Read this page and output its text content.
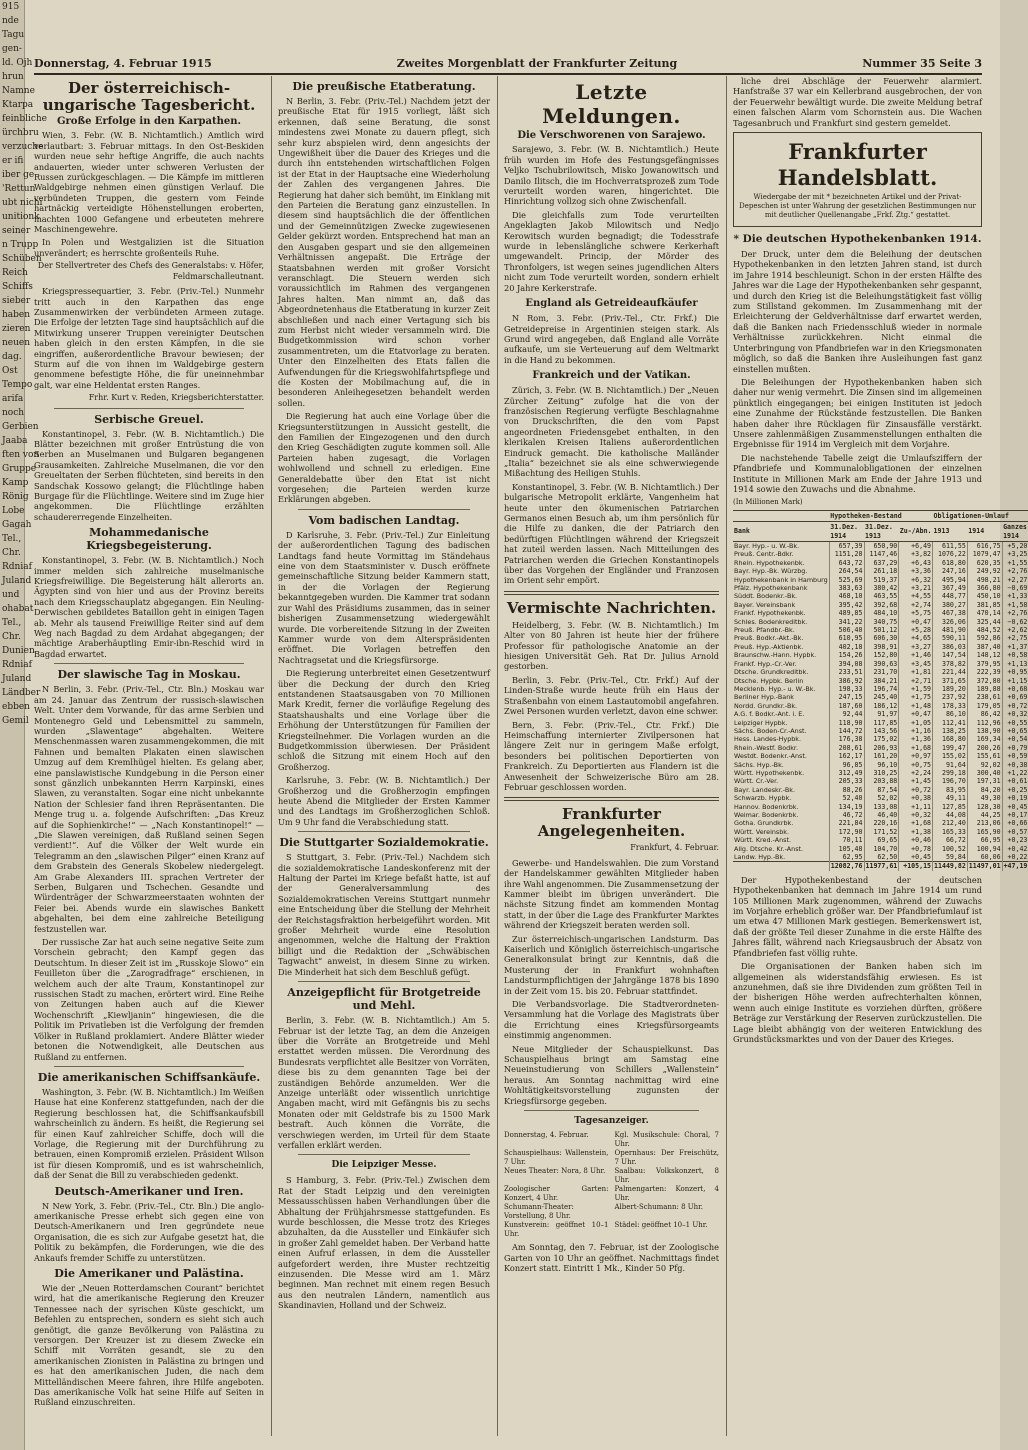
915
nde
Tagu
gen-
ld. Ojh
hrun
Namne
Ktarpa
feinbliche
ürchbru
verzuche
er ifi
iber ge
'Rettun
ubt nichi
unitionk
seiner
n Trupp
Schüben
Reich
Schiffs
sieber
haben
zieren
neuen
dag.
Ost
Tempo
arifa
noch
Gerbien
Jaaba
ften von
Gruppe
Kamp
Rönig
Lobe
Gagah
Tel.,
Chr.
Rdniaf
Juland
und
ohabat
Tel.,
Chr.
Dunien
Rdniaf
Juland
Ländber
ebben
Gemil
Donnerstag, 4. Februar 1915	Zweites Morgenblatt der Frankfurter Zeitung	Nummer 35 Seite 3
Der österreichisch-ungarische Tagesbericht.
Große Erfolge in den Karpathen.

Wien, 3. Febr. (W. B. Nichtamtlich.) Amtlich wird verlautbart: 3. Februar mittags. In den Ost-Beskiden wurden neue sehr heftige Angriffe, die auch nachts andauerten, wieder unter schweren Verlusten der Russen zurückgeschlagen. — Die Kämpfe im mittleren Waldgebirge nehmen einen günstigen Verlauf. Die verbündeten Truppen, die gestern vom Feinde hartnäckig verteidigte Höhenstellungen eroberten, machten 1000 Gefangene und erbeuteten mehrere Maschinengewehre.

In Polen und Westgalizien ist die Situation unverändert; es herrschte großenteils Ruhe.

Der Stellvertreter des Chefs des Generalstabs: v. Höfer, Feldmarschalleutnant.

Kriegspressequartier, 3. Febr. (Priv.-Tel.) Nunmehr tritt auch in den Karpathen das enge Zusammenwirken der verbündeten Armeen zutage. Die Erfolge der letzten Tage sind hauptsächlich auf die Mitwirkung unserer Truppen vereinigter Deutschen haben gleich in den ersten Kämpfen, in die sie eingriffen, außerordentliche Bravour bewiesen; der Sturm auf die von ihnen im Waldgebirge gestern genommene befestigte Höhe, die für uneinnehmbar galt, war eine Heldentat ersten Ranges.

Frhr. Kurt v. Reden, Kriegsberichterstatter.

Serbische Greuel.

Konstantinopel, 3. Febr. (W. B. Nichtamtlich.) Die Blätter bezeichnen mit großer Entrüstung die von Serben an Muselmanen und Bulgaren begangenen Grausamkeiten. Zahlreiche Muselmanen, die vor den Greueltaten der Serben flüchteten, sind bereits in den Sandschak Kossowo gelangt; die Flüchtlinge haben Burgage für die Flüchtlinge. Weitere sind im Zuge hier angekommen. Die Flüchtlinge erzählten schaudererregende Einzelheiten.

Mohammedanische Kriegsbegeisterung.

Konstantinopel, 3. Febr. (W. B. Nichtamtlich.) Noch immer melden sich zahlreiche muselmanische Kriegsfreiwillige. Die Begeisterung hält allerorts an. Ägypten sind von hier und aus der Provinz bereits nach dem Kriegsschauplatz abgegangen. Ein Neuling-Derwischen gebildetes Bataillon geht in einigen Tagen ab. Mehr als tausend Freiwillige Reiter sind auf dem Weg nach Bagdad zu dem Ardahat abgegangen; der mächtige Araberhäuptling Emir-ibn-Reschid wird in Bagdad erwartet.

Der slawische Tag in Moskau.

N Berlin, 3. Febr. (Priv.-Tel., Ctr. Bln.) Moskau war am 24. Januar das Zentrum der russisch-slawischen Welt. Unter dem Vorwande, für das arme Serbien und Montenegro Geld und Lebensmittel zu sammeln, wurden „Slawentage“ abgehalten. Weitere Menschenmassen waren zusammengekommen, die mit Fahnen und bemalten Plakaten einen slawischen Umzug auf dem Kremlhügel hielten. Es gelang aber, eine panslawistische Kundgebung in die Person einer sonst gänzlich unbekannten Herrn Karpinski, eines Slawen, zu veranstalten. Sogar eine nicht unbekannte Nation der Schlesier fand ihren Repräsentanten. Die Menge trug u. a. folgende Aufschriften: „Das Kreuz auf die Sophienkirche!“ — „Nach Konstantinopel!“ — „Die Slawen vereinigen, daß Rußland seinen Segen verdient!“. Auf die Völker der Welt wurde ein Telegramm an den „slawischen Pilger“ einen Kranz auf dem Grabstein des Generals Skobelew niedergelegt. Am Grabe Alexanders III. sprachen Vertreter der Serben, Bulgaren und Tschechen. Gesandte und Würdenträger der Schwarzmeerstaaten wohnten der Feier bei. Abends wurde ein slawisches Bankett abgehalten, bei dem eine zahlreiche Beteiligung festzustellen war.

Der russische Zar hat auch seine negative Seite zum Vorschein gebracht; den Kampf gegen das Deutschtum. In dieser Zeit ist im „Russkoje Slowo“ ein Feuilleton über die „Zarogradfrage“ erschienen, in welchem auch der alte Traum, Konstantinopel zur russischen Stadt zu machen, erörtert wird. Eine Reihe von Zeitungen haben auch auf die Kiewer Wochenschrift „Kiewljanin“ hingewiesen, die die Politik im Privatleben ist die Verfolgung der fremden Völker in Rußland proklamiert. Andere Blätter wieder betonen die Notwendigkeit, alle Deutschen aus Rußland zu entfernen.

Die amerikanischen Schiffsankäufe.

Washington, 3. Febr. (W. B. Nichtamtlich.) Im Weißen Hause hat eine Konferenz stattgefunden, nach der die Regierung beschlossen hat, die Schiffsankaufsbill wahrscheinlich zu ändern. Es heißt, die Regierung sei für einen Kauf zahlreicher Schiffe, doch will die Vorlage, die Regierung mit der Durchführung zu betrauen, einen Kompromiß erzielen. Präsident Wilson ist für diesen Kompromiß, und es ist wahrscheinlich, daß der Senat die Bill zu verabschieden gedenkt.

Deutsch-Amerikaner und Iren.

N New York, 3. Febr. (Priv.-Tel., Ctr. Bln.) Die anglo-amerikanische Presse erhebt sich gegen eine von Deutsch-Amerikanern und Iren gegründete neue Organisation, die es sich zur Aufgabe gesetzt hat, die Politik zu bekämpfen, die Forderungen, wie die des Ankaufs fremder Schiffe zu unterstützen.

Die Amerikaner und Palästina.

Wie der „Neuen Rotterdamschen Courant“ berichtet wird, hat die amerikanische Regierung den Kreuzer Tennessee nach der syrischen Küste geschickt, um Befehlen zu entsprechen, sondern es sieht sich auch genötigt, die ganze Bevölkerung von Palästina zu versorgen. Der Kreuzer ist zu diesem Zwecke ein Schiff mit Vorräten gesandt, sie zu den amerikanischen Zionisten in Palästina zu bringen und es hat den amerikanischen Juden, die nach dem Mittelländischen Meere fahren, ihre Hilfe angeboten. Das amerikanische Volk hat seine Hilfe auf Seiten in Rußland einzuschreiten.

Die preußische Etatberatung.

N Berlin, 3. Febr. (Priv.-Tel.) Nachdem jetzt der preußische Etat für 1915 vorliegt, läßt sich erkennen, daß seine Beratung, die sonst mindestens zwei Monate zu dauern pflegt, sich sehr kurz abspielen wird, denn angesichts der Ungewißheit über die Dauer des Krieges und die durch ihn entstehenden wirtschaftlichen Folgen ist der Etat in der Hauptsache eine Wiederholung der Zahlen des vergangenen Jahres. Die Regierung hat daher sich bemüht, im Einklang mit den Parteien die Beratung ganz einzustellen. In diesem sind hauptsächlich die der öffentlichen und der Gemeinnützigen Zwecke zugewiesenen Gelder gekürzt worden. Entsprechend hat man an den Ausgaben gespart und sie den allgemeinen Verhältnissen angepaßt. Die Erträge der Staatsbahnen werden mit großer Vorsicht veranschlagt. Die Steuern werden sich voraussichtlich im Rahmen des vergangenen Jahres halten. Man nimmt an, daß das Abgeordnetenhaus die Etatberatung in kurzer Zeit abschließen und nach einer Vertagung sich bis zum Herbst nicht wieder versammeln wird. Die Budgetkommission wird schon vorher zusammentreten, um die Etatvorlage zu beraten. Unter den Einzelheiten des Etats fallen die Aufwendungen für die Kriegswohlfahrtspflege und die Kosten der Mobilmachung auf, die in besonderen Anleihegesetzen behandelt werden sollen.

Die Regierung hat auch eine Vorlage über die Kriegsunterstützungen in Aussicht gestellt, die den Familien der Eingezogenen und den durch den Krieg Geschädigten zugute kommen soll. Alle Parteien haben zugesagt, die Vorlagen wohlwollend und schnell zu erledigen. Eine Generaldebatte über den Etat ist nicht vorgesehen; die Parteien werden kurze Erklärungen abgeben.

Vom badischen Landtag.

D Karlsruhe, 3. Febr. (Priv.-Tel.) Zur Einleitung der außerordentlichen Tagung des badischen Landtags fand heute Vormittag im Ständehaus eine von dem Staatsminister v. Dusch eröffnete gemeinschaftliche Sitzung beider Kammern statt, in der die Vorlagen der Regierung bekanntgegeben wurden. Die Kammer trat sodann zur Wahl des Präsidiums zusammen, das in seiner bisherigen Zusammensetzung wiedergewählt wurde. Die vorbereitende Sitzung in der Zweiten Kammer wurde von dem Alterspräsidenten eröffnet. Die Vorlagen betreffen den Nachtragsetat und die Kriegsfürsorge.

Die Regierung unterbreitet einen Gesetzentwurf über die Deckung der durch den Krieg entstandenen Staatsausgaben von 70 Millionen Mark Kredit, ferner die vorläufige Regelung des Staatshaushalts und eine Vorlage über die Erhöhung der Unterstützungen für Familien der Kriegsteilnehmer. Die Vorlagen wurden an die Budgetkommission überwiesen. Der Präsident schloß die Sitzung mit einem Hoch auf den Großherzog.

Karlsruhe, 3. Febr. (W. B. Nichtamtlich.) Der Großherzog und die Großherzogin empfingen heute Abend die Mitglieder der Ersten Kammer und des Landtags im Großherzoglichen Schloß. Um 9 Uhr fand die Verabschiedung statt.

Die Stuttgarter Sozialdemokratie.

S Stuttgart, 3. Febr. (Priv.-Tel.) Nachdem sich die sozialdemokratische Landeskonferenz mit der Haltung der Partei im Kriege befaßt hatte, ist auf der Generalversammlung des Sozialdemokratischen Vereins Stuttgart nunmehr eine Entscheidung über die Stellung der Mehrheit der Reichstagsfraktion herbeigeführt worden. Mit großer Mehrheit wurde eine Resolution angenommen, welche die Haltung der Fraktion billigt und die Redaktion der „Schwäbischen Tagwacht“ anweist, in diesem Sinne zu wirken. Die Minderheit hat sich dem Beschluß gefügt.

Anzeigepflicht für Brotgetreide und Mehl.

Berlin, 3. Febr. (W. B. Nichtamtlich.) Am 5. Februar ist der letzte Tag, an dem die Anzeigen über die Vorräte an Brotgetreide und Mehl erstattet werden müssen. Die Verordnung des Bundesrats verpflichtet alle Besitzer von Vorräten, diese bis zu dem genannten Tage bei der zuständigen Behörde anzumelden. Wer die Anzeige unterläßt oder wissentlich unrichtige Angaben macht, wird mit Gefängnis bis zu sechs Monaten oder mit Geldstrafe bis zu 1500 Mark bestraft. Auch können die Vorräte, die verschwiegen werden, im Urteil für dem Staate verfallen erklärt werden.

Die Leipziger Messe.

S Hamburg, 3. Febr. (Priv.-Tel.) Zwischen dem Rat der Stadt Leipzig und den vereinigten Messausschüssen haben Verhandlungen über die Abhaltung der Frühjahrsmesse stattgefunden. Es wurde beschlossen, die Messe trotz des Krieges abzuhalten, da die Aussteller und Einkäufer sich in großer Zahl gemeldet haben. Der Verband hatte einen Aufruf erlassen, in dem die Aussteller aufgefordert werden, ihre Muster rechtzeitig einzusenden. Die Messe wird am 1. März beginnen. Man rechnet mit einem regen Besuch aus den neutralen Ländern, namentlich aus Skandinavien, Holland und der Schweiz.

Letzte Meldungen.
Die Verschworenen von Sarajewo.

Sarajewo, 3. Febr. (W. B. Nichtamtlich.) Heute früh wurden im Hofe des Festungsgefängnisses Veljko Tschubrilowitsch, Misko Jowanowitsch und Danilo Ilitsch, die im Hochverratsprozeß zum Tode verurteilt worden waren, hingerichtet. Die Hinrichtung vollzog sich ohne Zwischenfall.

Die gleichfalls zum Tode verurteilten Angeklagten Jakob Milowitsch und Nedjo Kerowitsch wurden begnadigt; die Todesstrafe wurde in lebenslängliche schwere Kerkerhaft umgewandelt. Princip, der Mörder des Thronfolgers, ist wegen seines jugendlichen Alters nicht zum Tode verurteilt worden, sondern erhielt 20 Jahre Kerkerstrafe.

England als Getreideaufkäufer

N Rom, 3. Febr. (Priv.-Tel., Ctr. Frkf.) Die Getreidepreise in Argentinien steigen stark. Als Grund wird angegeben, daß England alle Vorräte aufkaufe, um sie Verteuerung auf dem Weltmarkt in die Hand zu bekommen.

Frankreich und der Vatikan.

Zürich, 3. Febr. (W. B. Nichtamtlich.) Der „Neuen Zürcher Zeitung“ zufolge hat die von der französischen Regierung verfügte Beschlagnahme von Druckschriften, die den vom Papst angeordneten Friedensgebet enthalten, in den klerikalen Kreisen Italiens außerordentlichen Eindruck gemacht. Die katholische Mailänder „Italia“ bezeichnet sie als eine schwerwiegende Mißachtung des Heiligen Stuhls.

Konstantinopel, 3. Febr. (W. B. Nichtamtlich.) Der bulgarische Metropolit erklärte, Vangenheim hat heute unter den ökumenischen Patriarchen Germanos einen Besuch ab, um ihm persönlich für die Hilfe zu danken, die der Patriarch den bedürftigen Flüchtlingen während der Kriegszeit hat zuteil werden lassen. Nach Mitteilungen des Patriarchen werden die Griechen Konstantinopels über das Vorgehen der Engländer und Franzosen im Orient sehr empört.

Vermischte Nachrichten.

Heidelberg, 3. Febr. (W. B. Nichtamtlich.) Im Alter von 80 Jahren ist heute hier der frühere Professor für pathologische Anatomie an der hiesigen Universität Geh. Rat Dr. Julius Arnold gestorben.

Berlin, 3. Febr. (Priv.-Tel., Ctr. Frkf.) Auf der Linden-Straße wurde heute früh ein Haus der Straßenbahn von einem Lastautomobil angefahren. Zwei Personen wurden verletzt, davon eine schwer.

Bern, 3. Febr. (Priv.-Tel., Ctr. Frkf.) Die Heimschaffung internierter Zivilpersonen hat längere Zeit nur in geringem Maße erfolgt, besonders bei politischen Deportierten von Frankreich. Zu Deportierten aus Flandern ist die Anwesenheit der Schweizerische Büro am 28. Februar geschlossen worden.

Frankfurter Angelegenheiten.

Frankfurt, 4. Februar.

Gewerbe- und Handelswahlen. Die zum Vorstand der Handelskammer gewählten Mitglieder haben ihre Wahl angenommen. Die Zusammensetzung der Kammer bleibt im übrigen unverändert. Die nächste Sitzung findet am kommenden Montag statt, in der über die Lage des Frankfurter Marktes während der Kriegszeit beraten werden soll.

Zur österreichisch-ungarischen Landsturm. Das Kaiserlich und Königlich österreichisch-ungarische Generalkonsulat bringt zur Kenntnis, daß die Musterung der in Frankfurt wohnhaften Landsturmpflichtigen der Jahrgänge 1878 bis 1890 in der Zeit vom 15. bis 20. Februar stattfindet.

Die Verbandsvorlage. Die Stadtverordneten-Versammlung hat die Vorlage des Magistrats über die Errichtung eines Kriegsfürsorgeamts einstimmig angenommen.

Neue Mitglieder der Schauspielkunst. Das Schauspielhaus bringt am Samstag eine Neueinstudierung von Schillers „Wallenstein“ heraus. Am Sonntag nachmittag wird eine Wohltätigkeitsvorstellung zugunsten der Kriegsfürsorge gegeben.

Tagesanzeiger.
Donnerstag, 4. Februar.	Kgl. Musikschule: Choral, 7 Uhr.
Schauspielhaus: Wallenstein, 7 Uhr.
Opernhaus: Der Freischütz, 7 Uhr.
Neues Theater: Nora, 8 Uhr.	Saalbau: Volkskonzert, 8 Uhr.
Zoologischer Garten: Konzert, 4 Uhr.
Palmengarten: Konzert, 4 Uhr.
Schumann-Theater: Vorstellung, 8 Uhr.
Albert-Schumann: 8 Uhr.
Kunstverein: geöffnet 10–1 Uhr.
Städel: geöffnet 10–1 Uhr.

Am Sonntag, den 7. Februar, ist der Zoologische Garten von 10 Uhr an geöffnet. Nachmittags findet Konzert statt. Eintritt 1 Mk., Kinder 50 Pfg.

liche drei Abschläge der Feuerwehr alarmiert. Hanfstraße 37 war ein Kellerbrand ausgebrochen, der von der Feuerwehr bewältigt wurde. Die zweite Meldung betraf einen falschen Alarm vom Schornstein aus. Die Wachen Tagesanbruch und Frankfurt sind gestern gemeldet.

Frankfurter Handelsblatt.
Wiedergabe der mit * bezeichneten Artikel und der Privat-Depeschen ist unter Wahrung der gesetzlichen Bestimmungen nur mit deutlicher Quellenangabe „Frkf. Ztg.“ gestattet.
* Die deutschen Hypothekenbanken 1914.

Der Druck, unter dem die Beleihung der deutschen Hypothekenbanken in den letzten Jahren stand, ist durch im Jahre 1914 beschleunigt. Schon in der ersten Hälfte des Jahres war die Lage der Hypothekenbanken sehr gespannt, und durch den Krieg ist die Beleihungstätigkeit fast völlig zum Stillstand gekommen. Im Zusammenhang mit der Erleichterung der Geldverhältnisse darf erwartet werden, daß die Banken nach Friedensschluß wieder in normale Verhältnisse zurückkehren. Nicht einmal die Unterbringung von Pfandbriefen war in den Kriegsmonaten möglich, so daß die Banken ihre Ausleihungen fast ganz einstellen mußten.

Die Beleihungen der Hypothekenbanken haben sich daher nur wenig vermehrt. Die Zinsen sind im allgemeinen pünktlich eingegangen; bei einigen Instituten ist jedoch eine Zunahme der Rückstände festzustellen. Die Banken haben daher ihre Rücklagen für Zinsausfälle verstärkt. Unsere zahlenmäßigen Zusammenstellungen enthalten die Ergebnisse für 1914 im Vergleich mit dem Vorjahre.

Die nachstehende Tabelle zeigt die Umlaufsziffern der Pfandbriefe und Kommunalobligationen der einzelnen Institute in Millionen Mark am Ende der Jahre 1913 und 1914 sowie den Zuwachs und die Abnahme.

(In Millionen Mark)
	Hypotheken-Bestand			Obligationen-Umlauf		
Bank	31.Dez. 1914	31.Dez. 1913	Zu-/Abn.	1913	1914	Ganzes 1914
Bayr. Hyp.- u. W.-Bk.	657,39	650,90	+6,49	611,55	616,75	+5,20
Preuß. Centr.-Bdkr.	1151,28	1147,46	+3,82	1076,22	1079,47	+3,25
Rhein. Hypothekenbk.	643,72	637,29	+6,43	618,80	620,35	+1,55
Bayr. Hyp.-Bk. Würzbg.	264,54	261,18	+3,36	247,16	249,92	+2,76
Hypothekenbank in Hamburg	525,69	519,37	+6,32	495,94	498,21	+2,27
Pfälz. Hypothekenbank	383,63	380,42	+3,21	367,49	366,80	−0,69
Süddt. Bodenkr.-Bk.	468,10	463,55	+4,55	448,77	450,10	+1,33
Bayer. Vereinsbank	395,42	392,68	+2,74	380,27	381,85	+1,58
Frankf. Hypothekenbk.	489,85	484,10	+5,75	467,38	470,14	+2,76
Schles. Bodenkreditbk.	341,22	340,75	+0,47	326,06	325,44	−0,62
Preuß. Pfandbr.-Bk.	506,40	501,12	+5,28	481,90	484,52	+2,62
Preuß. Bodkr.-Akt.-Bk.	610,95	606,30	+4,65	590,11	592,86	+2,75
Preuß. Hyp.-Aktienbk.	402,18	398,91	+3,27	386,03	387,40	+1,37
Braunschw.-Hann. Hypbk.	154,26	152,80	+1,46	147,54	148,12	+0,58
Frankf. Hyp.-Cr.-Ver.	394,08	390,63	+3,45	378,82	379,95	+1,13
Dtsche. Grundkreditbk.	233,51	231,70	+1,81	221,44	222,39	+0,95
Dtsche. Hypbk. Berlin	386,92	384,21	+2,71	371,65	372,80	+1,15
Mecklenb. Hyp.- u. W.-Bk.	198,33	196,74	+1,59	189,20	189,88	+0,68
Berliner Hyp.-Bank	247,15	245,40	+1,75	237,92	238,61	+0,69
Nordd. Grundkr.-Bk.	187,60	186,12	+1,48	178,33	179,05	+0,72
A.G. f. Bodkr.-Ant. i. E.	92,44	91,97	+0,47	86,10	86,42	+0,32
Leipziger Hypbk.	118,90	117,85	+1,05	112,41	112,96	+0,55
Sächs. Boden-Cr.-Anst.	144,72	143,56	+1,16	138,25	138,90	+0,65
Hess. Landes-Hypbk.	176,38	175,02	+1,36	168,80	169,34	+0,54
Rhein.-Westf. Bodkr.	208,61	206,93	+1,68	199,47	200,26	+0,79
Westdt. Bodenkr.-Anst.	162,17	161,20	+0,97	155,02	155,61	+0,59
Sächs. Hyp.-Bk.	96,85	96,10	+0,75	91,64	92,02	+0,38
Württ. Hypothekenbk.	312,49	310,25	+2,24	299,18	300,40	+1,22
Württ. Cr.-Ver.	205,33	203,88	+1,45	196,70	197,31	+0,61
Bayr. Landeskr.-Bk.	88,26	87,54	+0,72	83,95	84,20	+0,25
Schwarzb. Hypbk.	52,40	52,02	+0,38	49,11	49,30	+0,19
Hannov. Bodenkrbk.	134,19	133,08	+1,11	127,85	128,30	+0,45
Weimar. Bodenkrbk.	46,72	46,40	+0,32	44,08	44,25	+0,17
Gotha. Grundkrbk.	221,84	220,16	+1,68	212,40	213,06	+0,66
Württ. Vereinsbk.	172,90	171,52	+1,38	165,33	165,90	+0,57
Württ. Kred.-Anst.	70,11	69,65	+0,46	66,72	66,95	+0,23
Allg. Dtsche. Kr.-Anst.	105,48	104,70	+0,78	100,52	100,94	+0,42
Landw. Hyp.-Bk.	62,95	62,50	+0,45	59,84	60,06	+0,22
	12082,76	11977,61	+105,15	11449,82	11497,01	+47,19

Der Hypothekenbestand der deutschen Hypothekenbanken hat demnach im Jahre 1914 um rund 105 Millionen Mark zugenommen, während der Zuwachs im Vorjahre erheblich größer war. Der Pfandbriefumlauf ist um etwa 47 Millionen Mark gestiegen. Bemerkenswert ist, daß der größte Teil dieser Zunahme in die erste Hälfte des Jahres fällt, während nach Kriegsausbruch der Absatz von Pfandbriefen fast völlig ruhte.

Die Organisationen der Banken haben sich im allgemeinen als widerstandsfähig erwiesen. Es ist anzunehmen, daß sie ihre Dividenden zum größten Teil in der bisherigen Höhe werden aufrechterhalten können, wenn auch einige Institute es vorziehen dürften, größere Beträge zur Verstärkung der Reserven zurückzustellen. Die Lage bleibt abhängig von der weiteren Entwicklung des Grundstücksmarktes und von der Dauer des Krieges.
